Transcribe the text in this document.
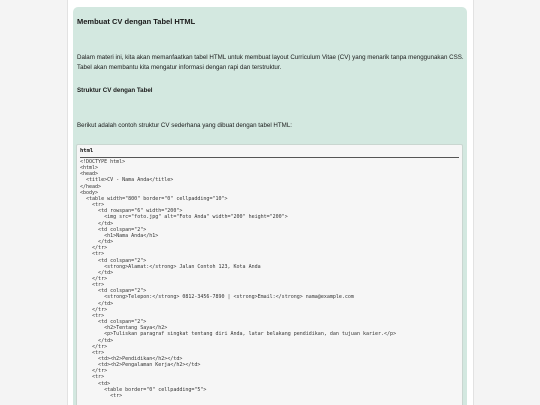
Membuat CV dengan Tabel HTML
Dalam materi ini, kita akan memanfaatkan tabel HTML untuk membuat layout Curriculum Vitae (CV) yang menarik tanpa menggunakan CSS. Tabel akan membantu kita mengatur informasi dengan rapi dan terstruktur.
Struktur CV dengan Tabel
Berikut adalah contoh struktur CV sederhana yang dibuat dengan tabel HTML:
html
<!DOCTYPE html>
<html>
<head>
<title>CV - Nama Anda</title>
</head>
<body>
<table width="800" border="0" cellpadding="10">
<tr>
<td rowspan="6" width="200">
<img src="foto.jpg" alt="Foto Anda" width="200" height="200">
</td>
<td colspan="2">
<h1>Nama Anda</h1>
</td>
</tr>
<tr>
<td colspan="2">
<strong>Alamat:</strong> Jalan Contoh 123, Kota Anda
</td>
</tr>
<tr>
<td colspan="2">
<strong>Telepon:</strong> 0812-3456-7890 | <strong>Email:</strong> nama@example.com
</td>
</tr>
<tr>
<td colspan="2">
<h2>Tentang Saya</h2>
<p>Tuliskan paragraf singkat tentang diri Anda, latar belakang pendidikan, dan tujuan karier.</p>
</td>
</tr>
<tr>
<td><h2>Pendidikan</h2></td>
<td><h2>Pengalaman Kerja</h2></td>
</tr>
<tr>
<td>
<table border="0" cellpadding="5">
<tr>
